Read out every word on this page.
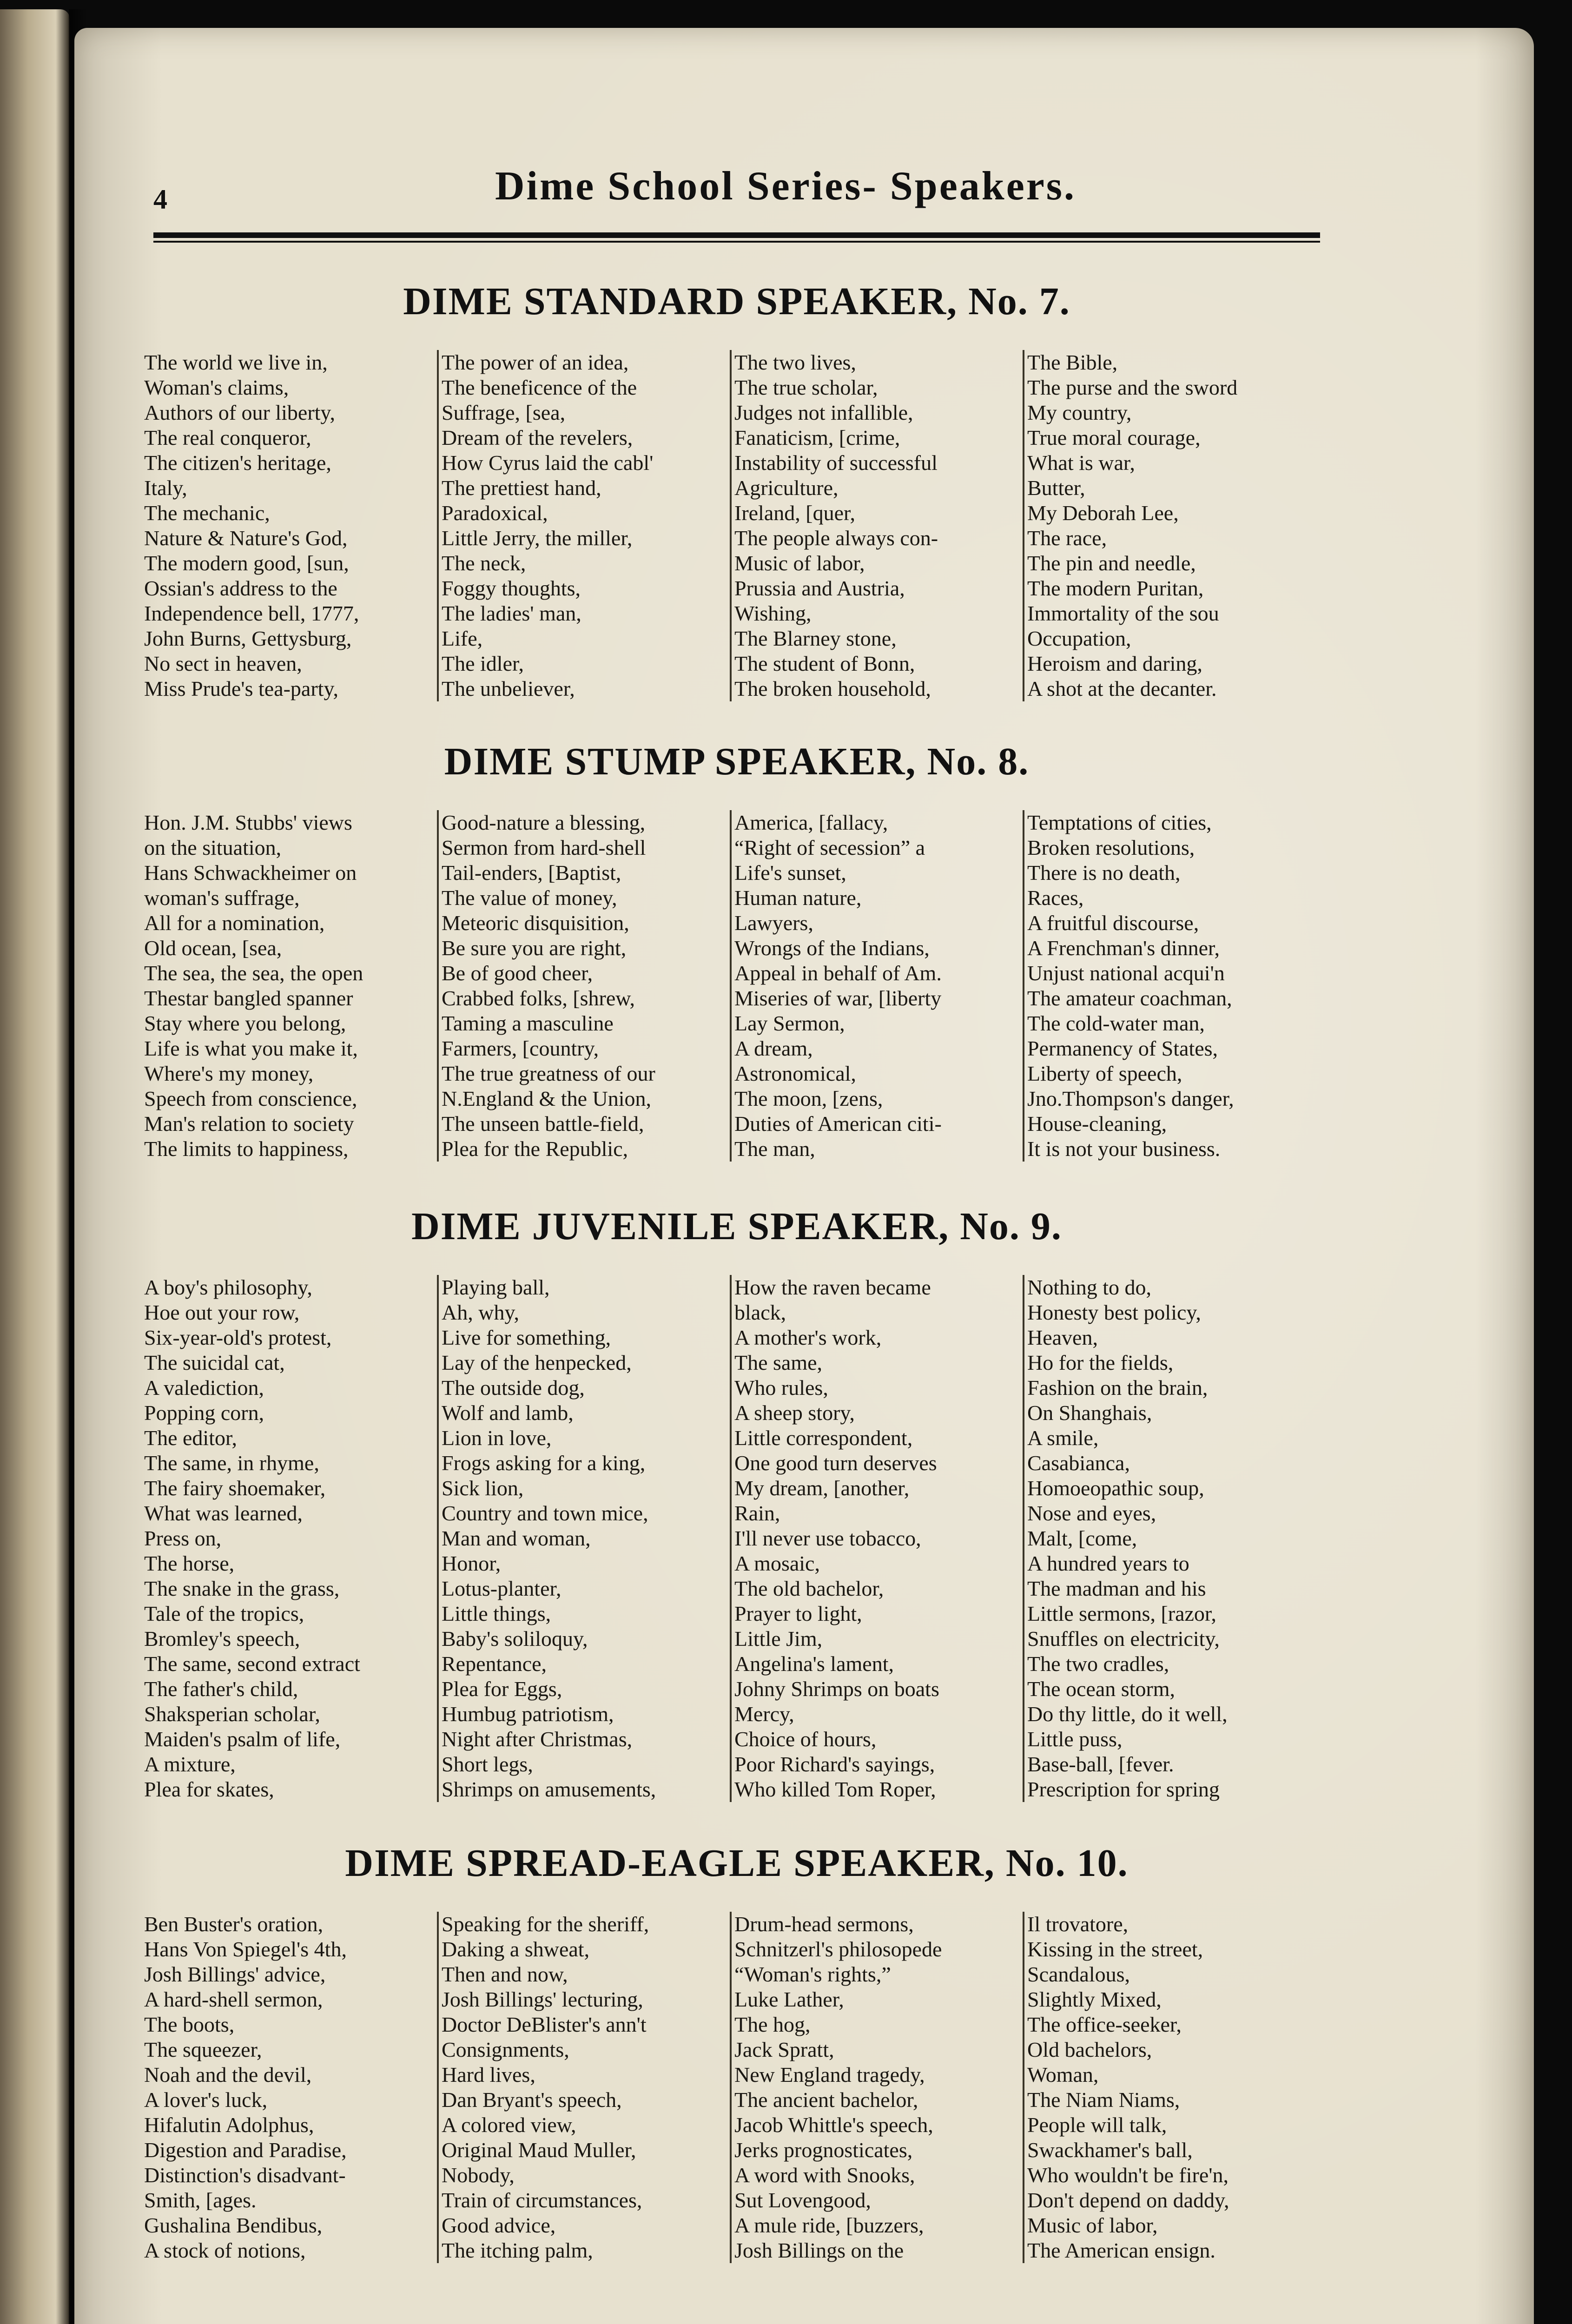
4	Dime School Series- Speakers.
DIME STANDARD SPEAKER, No. 7.
The world we live in,
Woman's claims,
Authors of our liberty,
The real conqueror,
The citizen's heritage,
Italy,
The mechanic,
Nature & Nature's God,
The modern good, [sun,
Ossian's address to the
Independence bell, 1777,
John Burns, Gettysburg,
No sect in heaven,
Miss Prude's tea-party,
The power of an idea,
The beneficence of the
Suffrage, [sea,
Dream of the revelers,
How Cyrus laid the cabl'
The prettiest hand,
Paradoxical,
Little Jerry, the miller,
The neck,
Foggy thoughts,
The ladies' man,
Life,
The idler,
The unbeliever,
The two lives,
The true scholar,
Judges not infallible,
Fanaticism, [crime,
Instability of successful
Agriculture,
Ireland, [quer,
The people always con-
Music of labor,
Prussia and Austria,
Wishing,
The Blarney stone,
The student of Bonn,
The broken household,
The Bible,
The purse and the sword
My country,
True moral courage,
What is war,
Butter,
My Deborah Lee,
The race,
The pin and needle,
The modern Puritan,
Immortality of the sou
Occupation,
Heroism and daring,
A shot at the decanter.
DIME STUMP SPEAKER, No. 8.
Hon. J.M. Stubbs' views
on the situation,
Hans Schwackheimer on
woman's suffrage,
All for a nomination,
Old ocean, [sea,
The sea, the sea, the open
Thestar bangled spanner
Stay where you belong,
Life is what you make it,
Where's my money,
Speech from conscience,
Man's relation to society
The limits to happiness,
Good-nature a blessing,
Sermon from hard-shell
Tail-enders, [Baptist,
The value of money,
Meteoric disquisition,
Be sure you are right,
Be of good cheer,
Crabbed folks, [shrew,
Taming a masculine
Farmers, [country,
The true greatness of our
N.England & the Union,
The unseen battle-field,
Plea for the Republic,
America, [fallacy,
“Right of secession” a
Life's sunset,
Human nature,
Lawyers,
Wrongs of the Indians,
Appeal in behalf of Am.
Miseries of war, [liberty
Lay Sermon,
A dream,
Astronomical,
The moon, [zens,
Duties of American citi-
The man,
Temptations of cities,
Broken resolutions,
There is no death,
Races,
A fruitful discourse,
A Frenchman's dinner,
Unjust national acqui'n
The amateur coachman,
The cold-water man,
Permanency of States,
Liberty of speech,
Jno.Thompson's danger,
House-cleaning,
It is not your business.
DIME JUVENILE SPEAKER, No. 9.
A boy's philosophy,
Hoe out your row,
Six-year-old's protest,
The suicidal cat,
A valediction,
Popping corn,
The editor,
The same, in rhyme,
The fairy shoemaker,
What was learned,
Press on,
The horse,
The snake in the grass,
Tale of the tropics,
Bromley's speech,
The same, second extract
The father's child,
Shaksperian scholar,
Maiden's psalm of life,
A mixture,
Plea for skates,
Playing ball,
Ah, why,
Live for something,
Lay of the henpecked,
The outside dog,
Wolf and lamb,
Lion in love,
Frogs asking for a king,
Sick lion,
Country and town mice,
Man and woman,
Honor,
Lotus-planter,
Little things,
Baby's soliloquy,
Repentance,
Plea for Eggs,
Humbug patriotism,
Night after Christmas,
Short legs,
Shrimps on amusements,
How the raven became
black,
A mother's work,
The same,
Who rules,
A sheep story,
Little correspondent,
One good turn deserves
My dream, [another,
Rain,
I'll never use tobacco,
A mosaic,
The old bachelor,
Prayer to light,
Little Jim,
Angelina's lament,
Johny Shrimps on boats
Mercy,
Choice of hours,
Poor Richard's sayings,
Who killed Tom Roper,
Nothing to do,
Honesty best policy,
Heaven,
Ho for the fields,
Fashion on the brain,
On Shanghais,
A smile,
Casabianca,
Homoeopathic soup,
Nose and eyes,
Malt, [come,
A hundred years to
The madman and his
Little sermons, [razor,
Snuffles on electricity,
The two cradles,
The ocean storm,
Do thy little, do it well,
Little puss,
Base-ball, [fever.
Prescription for spring
DIME SPREAD-EAGLE SPEAKER, No. 10.
Ben Buster's oration,
Hans Von Spiegel's 4th,
Josh Billings' advice,
A hard-shell sermon,
The boots,
The squeezer,
Noah and the devil,
A lover's luck,
Hifalutin Adolphus,
Digestion and Paradise,
Distinction's disadvant-
Smith, [ages.
Gushalina Bendibus,
A stock of notions,
Speaking for the sheriff,
Daking a shweat,
Then and now,
Josh Billings' lecturing,
Doctor DeBlister's ann't
Consignments,
Hard lives,
Dan Bryant's speech,
A colored view,
Original Maud Muller,
Nobody,
Train of circumstances,
Good advice,
The itching palm,
Drum-head sermons,
Schnitzerl's philosopede
“Woman's rights,”
Luke Lather,
The hog,
Jack Spratt,
New England tragedy,
The ancient bachelor,
Jacob Whittle's speech,
Jerks prognosticates,
A word with Snooks,
Sut Lovengood,
A mule ride, [buzzers,
Josh Billings on the
Il trovatore,
Kissing in the street,
Scandalous,
Slightly Mixed,
The office-seeker,
Old bachelors,
Woman,
The Niam Niams,
People will talk,
Swackhamer's ball,
Who wouldn't be fire'n,
Don't depend on daddy,
Music of labor,
The American ensign.
